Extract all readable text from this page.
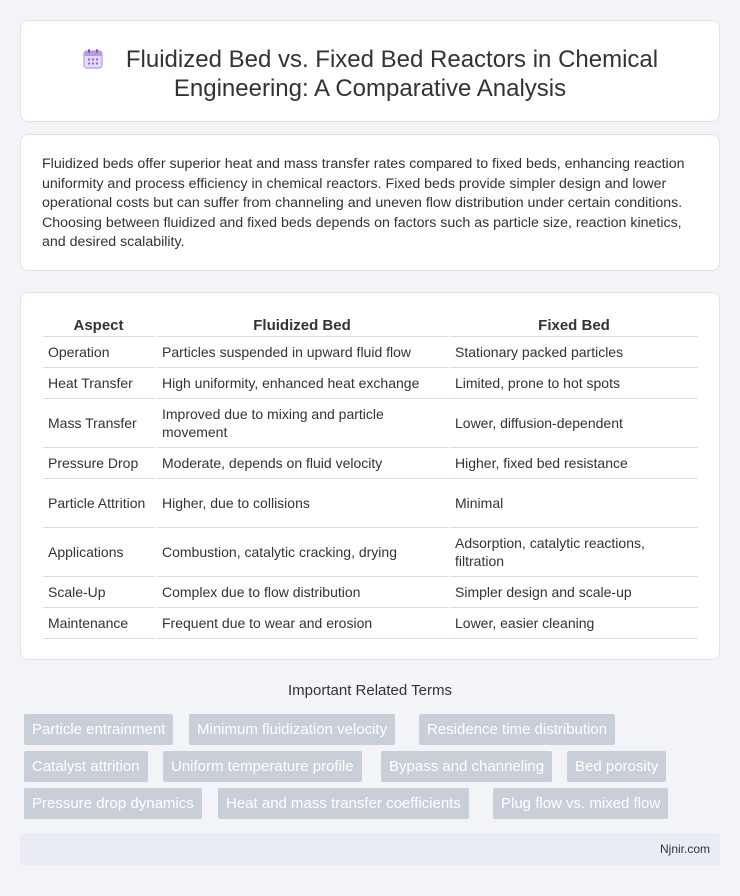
Fluidized Bed vs. Fixed Bed Reactors in Chemical Engineering: A Comparative Analysis

Fluidized beds offer superior heat and mass transfer rates compared to fixed beds, enhancing reaction uniformity and process efficiency in chemical reactors. Fixed beds provide simpler design and lower operational costs but can suffer from channeling and uneven flow distribution under certain conditions. Choosing between fluidized and fixed beds depends on factors such as particle size, reaction kinetics, and desired scalability.

Aspect	Fluidized Bed	Fixed Bed
Operation	Particles suspended in upward fluid flow	Stationary packed particles
Heat Transfer	High uniformity, enhanced heat exchange	Limited, prone to hot spots
Mass Transfer	Improved due to mixing and particle movement	Lower, diffusion-dependent
Pressure Drop	Moderate, depends on fluid velocity	Higher, fixed bed resistance
Particle Attrition	Higher, due to collisions	Minimal
Applications	Combustion, catalytic cracking, drying	Adsorption, catalytic reactions, filtration
Scale-Up	Complex due to flow distribution	Simpler design and scale-up
Maintenance	Frequent due to wear and erosion	Lower, easier cleaning
Important Related Terms
Particle entrainment	Minimum fluidization velocity	Residence time distribution
Catalyst attrition	Uniform temperature profile	Bypass and channeling	Bed porosity
Pressure drop dynamics	Heat and mass transfer coefficients	Plug flow vs. mixed flow
Njnir.com
